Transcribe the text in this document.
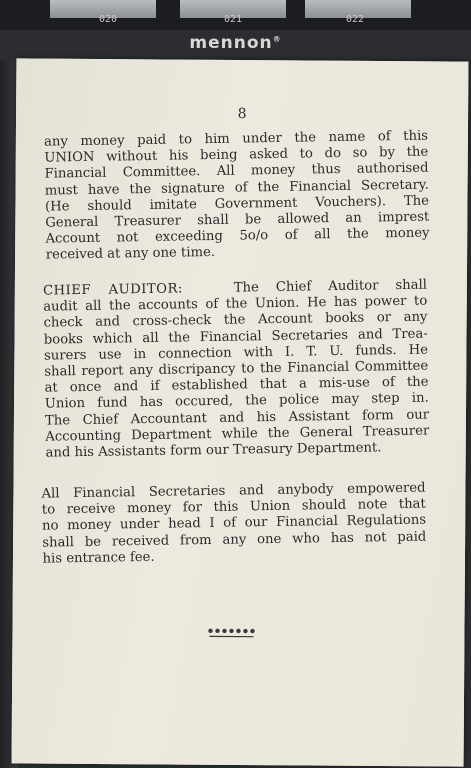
020	021	022
mennon®
8
any money paid to him under the name of this
UNION without his being asked to do so by the
Financial Committee. All money thus authorised
must have the signature of the Financial Secretary.
(He should imitate Government Vouchers). The
General Treasurer shall be allowed an imprest
Account not exceeding 5o/o of all the money
received at any one time.
CHIEF AUDITOR:	The Chief Auditor shall
audit all the accounts of the Union. He has power to
check and cross-check the Account books or any
books which all the Financial Secretaries and Trea-
surers use in connection with I. T. U. funds. He
shall report any discripancy to the Financial Committee
at once and if established that a mis-use of the
Union fund has occured, the police may step in.
The Chief Accountant and his Assistant form our
Accounting Department while the General Treasurer
and his Assistants form our Treasury Department.
All Financial Secretaries and anybody empowered
to receive money for this Union should note that
no money under head I of our Financial Regulations
shall be received from any one who has not paid
his entrance fee.
